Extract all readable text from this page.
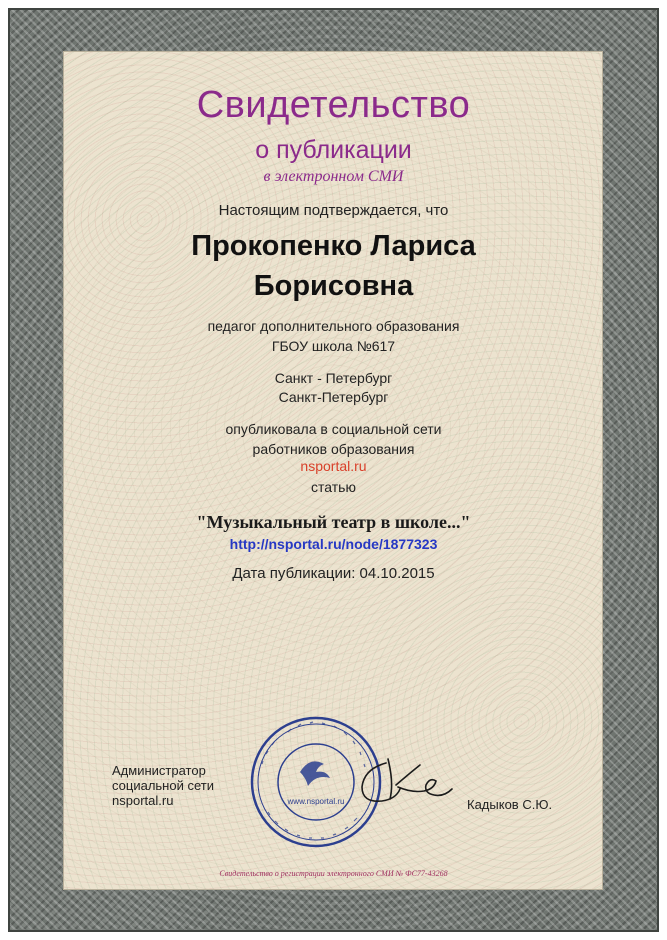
Свидетельство
о публикации
в электронном СМИ
Настоящим подтверждается, что
Прокопенко Лариса
Борисовна
педагог дополнительного образования
ГБОУ школа №617
Санкт - Петербург
Санкт-Петербург
опубликовала в социальной сети
работников образования
nsportal.ru
статью
"Музыкальный театр в школе..."
http://nsportal.ru/node/1877323
Дата публикации: 04.10.2015
Администратор
социальной сети
nsportal.ru	www.nsportal.ru	Кадыков С.Ю.
Свидетельство о регистрации электронного СМИ № ФС77-43268
